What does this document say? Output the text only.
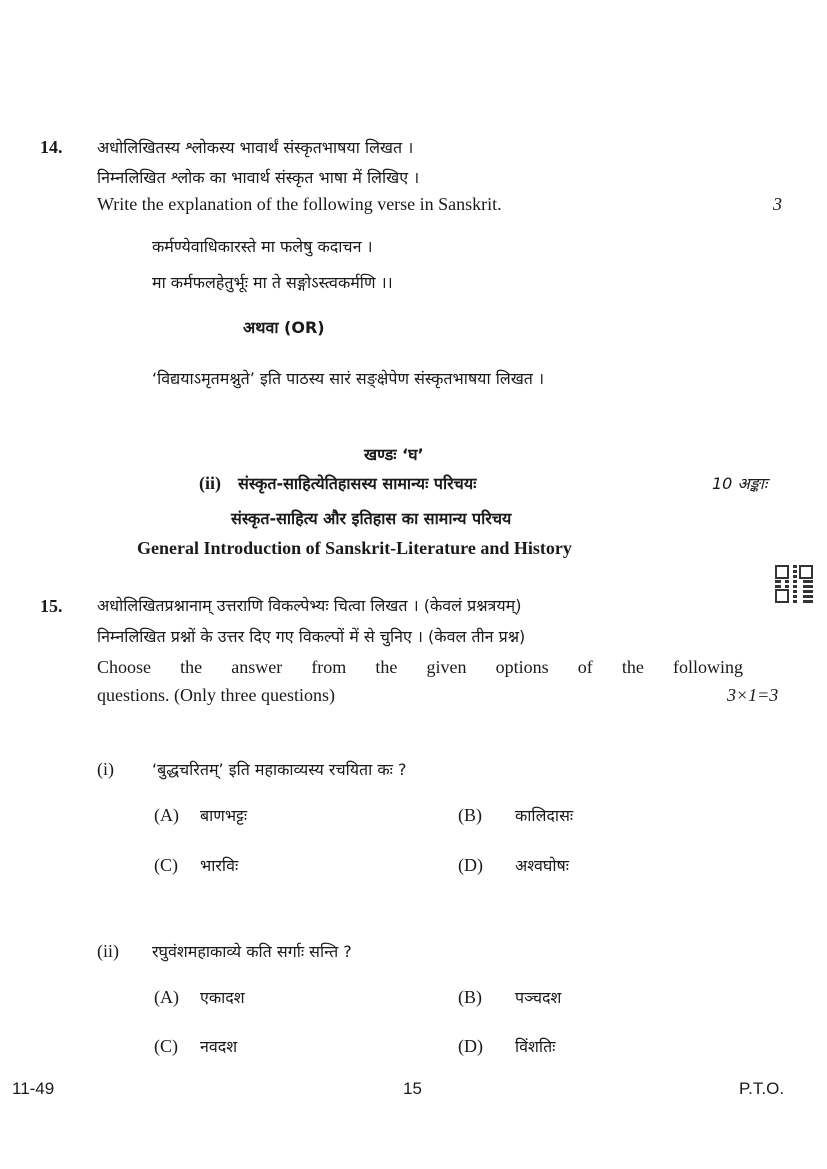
14. अधोलिखितस्य श्लोकस्य भावार्थं संस्कृतभाषया लिखत ।
निम्नलिखित श्लोक का भावार्थ संस्कृत भाषा में लिखिए ।
Write the explanation of the following verse in Sanskrit.	3
कर्मण्येवाधिकारस्ते मा फलेषु कदाचन ।
मा कर्मफलहेतुर्भूः मा ते सङ्गोऽस्त्वकर्मणि ।।
अथवा (OR)
‘विद्ययाऽमृतमश्नुते’ इति पाठस्य सारं सङ्क्षेपेण संस्कृतभाषया लिखत ।
खण्डः ‘घ’
(ii) संस्कृत-साहित्येतिहासस्य सामान्यः परिचयः	10 अङ्काः
संस्कृत-साहित्य और इतिहास का सामान्य परिचय
General Introduction of Sanskrit-Literature and History
15. अधोलिखितप्रश्नानाम् उत्तराणि विकल्पेभ्यः चित्वा लिखत । (केवलं प्रश्नत्रयम्)
निम्नलिखित प्रश्नों के उत्तर दिए गए विकल्पों में से चुनिए । (केवल तीन प्रश्न)
Choose the answer from the given options of the following
questions. (Only three questions)	3×1=3
(i) ‘बुद्धचरितम्’ इति महाकाव्यस्य रचयिता कः ?
(A) बाणभट्टः	(B) कालिदासः
(C) भारविः	(D) अश्वघोषः
(ii) रघुवंशमहाकाव्ये कति सर्गाः सन्ति ?
(A) एकादश	(B) पञ्चदश
(C) नवदश	(D) विंशतिः
11-49	15	P.T.O.
